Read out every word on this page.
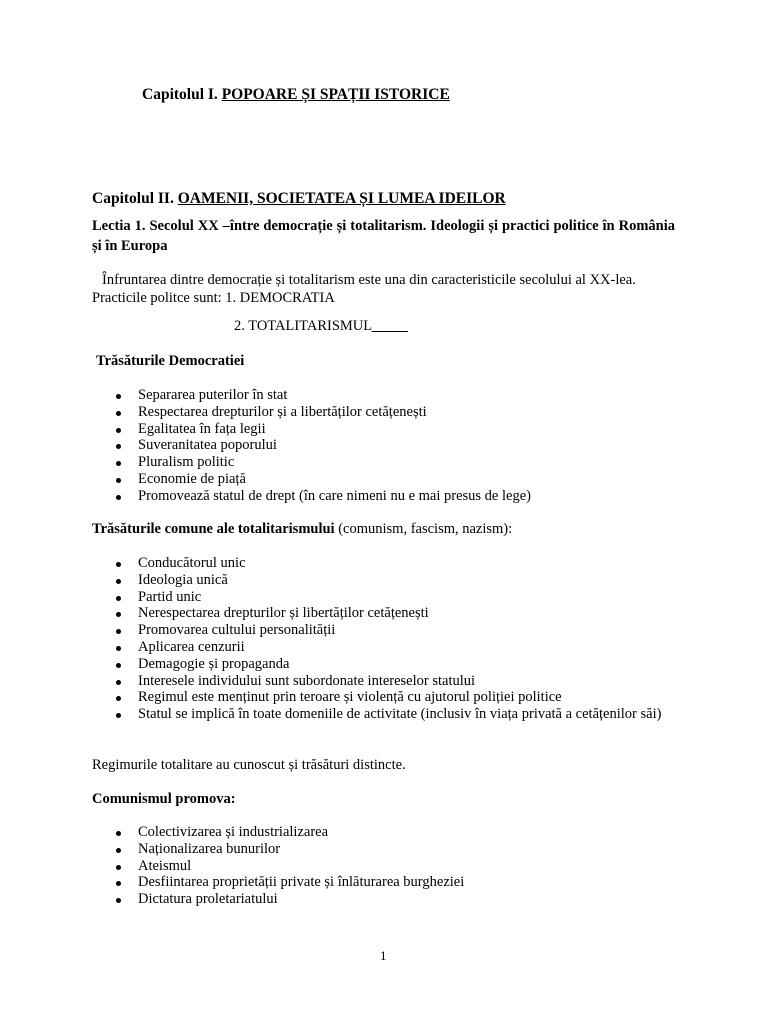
Capitolul I. POPOARE ȘI SPAȚII ISTORICE
Capitolul II. OAMENII, SOCIETATEA ȘI LUMEA IDEILOR
Lectia 1. Secolul XX –între democrație și totalitarism. Ideologii și practici politice în România și în Europa
Înfruntarea dintre democrație și totalitarism este una din caracteristicile secolului al XX-lea.
Practicile politce sunt: 1. DEMOCRATIA
2. TOTALITARISMUL
Trăsăturile Democratiei
Separarea puterilor în stat
Respectarea drepturilor și a libertăților cetățenești
Egalitatea în fața legii
Suveranitatea poporului
Pluralism politic
Economie de piață
Promovează statul de drept (în care nimeni nu e mai presus de lege)
Trăsăturile comune ale totalitarismului (comunism, fascism, nazism):
Conducătorul unic
Ideologia unică
Partid unic
Nerespectarea drepturilor și libertăților cetățenești
Promovarea cultului personalității
Aplicarea cenzurii
Demagogie și propaganda
Interesele individului sunt subordonate intereselor statului
Regimul este menținut prin teroare și violență cu ajutorul poliției politice
Statul se implică în toate domeniile de activitate (inclusiv în viața privată a cetățenilor săi)
Regimurile totalitare au cunoscut și trăsături distincte.
Comunismul promova:
Colectivizarea și industrializarea
Naționalizarea bunurilor
Ateismul
Desfiintarea proprietății private și înlăturarea burgheziei
Dictatura proletariatului
1
